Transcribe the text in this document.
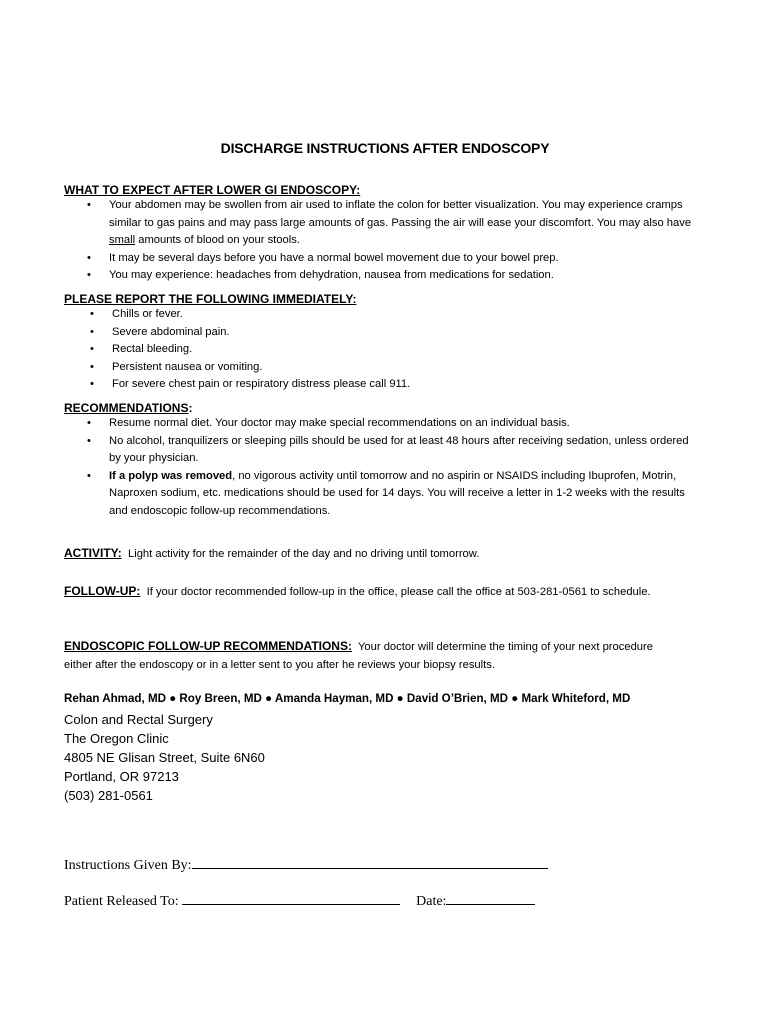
DISCHARGE INSTRUCTIONS AFTER ENDOSCOPY
WHAT TO EXPECT AFTER LOWER GI ENDOSCOPY:
• Your abdomen may be swollen from air used to inflate the colon for better visualization. You may experience cramps similar to gas pains and may pass large amounts of gas. Passing the air will ease your discomfort. You may also have small amounts of blood on your stools.
• It may be several days before you have a normal bowel movement due to your bowel prep.
• You may experience: headaches from dehydration, nausea from medications for sedation.
PLEASE REPORT THE FOLLOWING IMMEDIATELY:
• Chills or fever.
• Severe abdominal pain.
• Rectal bleeding.
• Persistent nausea or vomiting.
• For severe chest pain or respiratory distress please call 911.
RECOMMENDATIONS:
• Resume normal diet. Your doctor may make special recommendations on an individual basis.
• No alcohol, tranquilizers or sleeping pills should be used for at least 48 hours after receiving sedation, unless ordered by your physician.
• If a polyp was removed, no vigorous activity until tomorrow and no aspirin or NSAIDS including Ibuprofen, Motrin, Naproxen sodium, etc. medications should be used for 14 days. You will receive a letter in 1-2 weeks with the results and endoscopic follow-up recommendations.
ACTIVITY:  Light activity for the remainder of the day and no driving until tomorrow.
FOLLOW-UP:  If your doctor recommended follow-up in the office, please call the office at 503-281-0561 to schedule.
ENDOSCOPIC FOLLOW-UP RECOMMENDATIONS:  Your doctor will determine the timing of your next procedure either after the endoscopy or in a letter sent to you after he reviews your biopsy results.
Rehan Ahmad, MD ● Roy Breen, MD ● Amanda Hayman, MD ● David O’Brien, MD ● Mark Whiteford, MD
Colon and Rectal Surgery
The Oregon Clinic
4805 NE Glisan Street, Suite 6N60
Portland, OR 97213
(503) 281-0561
Instructions Given By:
Patient Released To:	Date:
